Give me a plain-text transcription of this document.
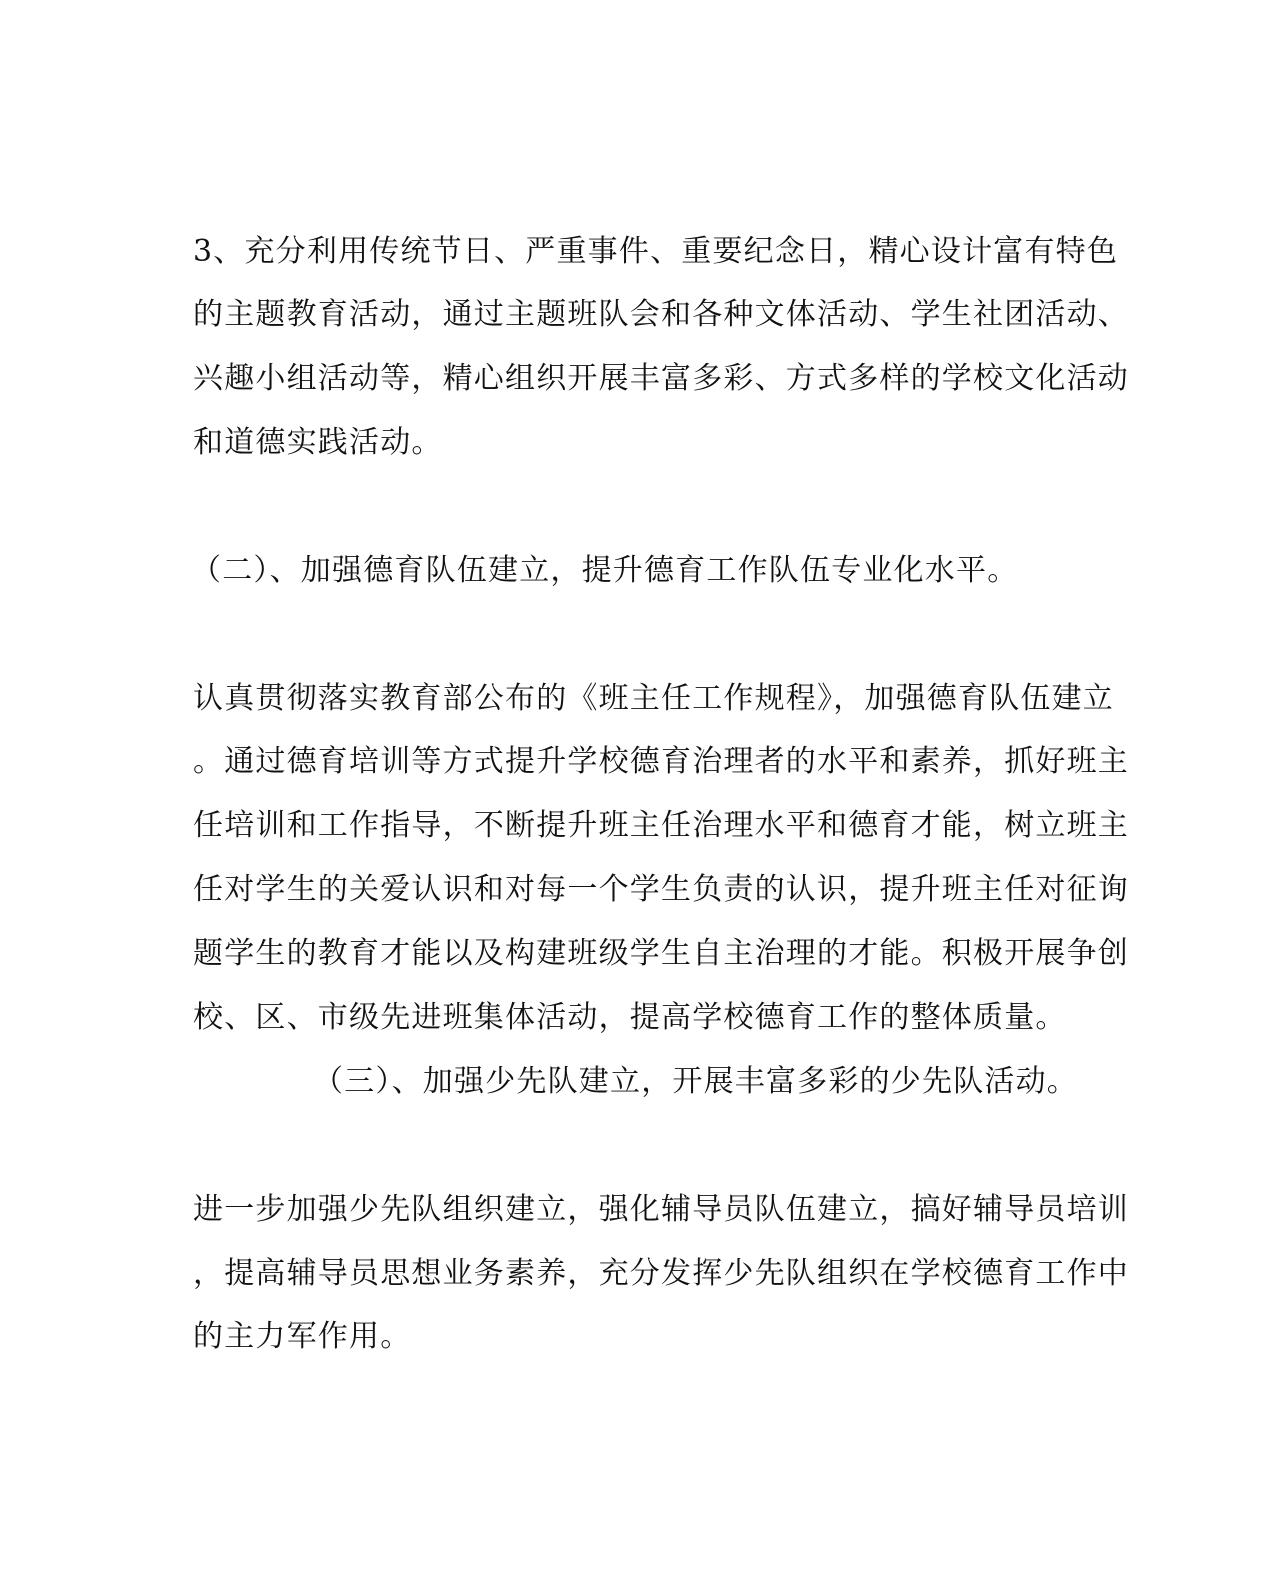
3、充分利用传统节日、严重事件、重要纪念日，精心设计富有特色
的主题教育活动，通过主题班队会和各种文体活动、学生社团活动、
兴趣小组活动等，精心组织开展丰富多彩、方式多样的学校文化活动
和道德实践活动。
（二）、加强德育队伍建立，提升德育工作队伍专业化水平。
认真贯彻落实教育部公布的《班主任工作规程》，加强德育队伍建立
。通过德育培训等方式提升学校德育治理者的水平和素养，抓好班主
任培训和工作指导，不断提升班主任治理水平和德育才能，树立班主
任对学生的关爱认识和对每一个学生负责的认识，提升班主任对征询
题学生的教育才能以及构建班级学生自主治理的才能。积极开展争创
校、区、市级先进班集体活动，提高学校德育工作的整体质量。
（三）、加强少先队建立，开展丰富多彩的少先队活动。
进一步加强少先队组织建立，强化辅导员队伍建立，搞好辅导员培训
，提高辅导员思想业务素养，充分发挥少先队组织在学校德育工作中
的主力军作用。
